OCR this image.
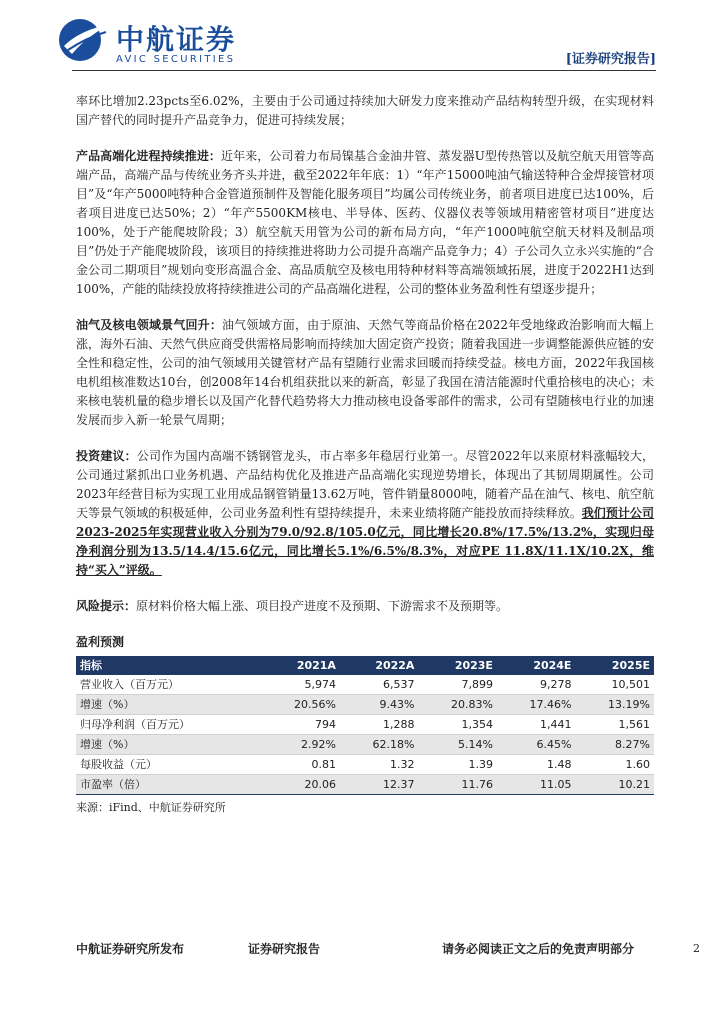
中航证券
AVIC SECURITIES	[证券研究报告]

率环比增加2.23pcts至6.02%，主要由于公司通过持续加大研发力度来推动产品结构转型升级，在实现材料国产替代的同时提升产品竞争力，促进可持续发展；

产品高端化进程持续推进：近年来，公司着力布局镍基合金油井管、蒸发器U型传热管以及航空航天用管等高端产品，高端产品与传统业务齐头并进，截至2022年年底：1）“年产15000吨油气输送特种合金焊接管材项目”及“年产5000吨特种合金管道预制件及智能化服务项目”均属公司传统业务，前者项目进度已达100%，后者项目进度已达50%；2）“年产5500KM核电、半导体、医药、仪器仪表等领域用精密管材项目”进度达100%，处于产能爬坡阶段；3）航空航天用管为公司的新布局方向，“年产1000吨航空航天材料及制品项目”仍处于产能爬坡阶段，该项目的持续推进将助力公司提升高端产品竞争力；4）子公司久立永兴实施的“合金公司二期项目”规划向变形高温合金、高品质航空及核电用特种材料等高端领域拓展，进度于2022H1达到100%，产能的陆续投放将持续推进公司的产品高端化进程，公司的整体业务盈利性有望逐步提升；

油气及核电领域景气回升：油气领域方面，由于原油、天然气等商品价格在2022年受地缘政治影响而大幅上涨，海外石油、天然气供应商受供需格局影响而持续加大固定资产投资；随着我国进一步调整能源供应链的安全性和稳定性，公司的油气领域用关键管材产品有望随行业需求回暖而持续受益。核电方面，2022年我国核电机组核准数达10台，创2008年14台机组获批以来的新高，彰显了我国在清洁能源时代重拾核电的决心；未来核电装机量的稳步增长以及国产化替代趋势将大力推动核电设备零部件的需求，公司有望随核电行业的加速发展而步入新一轮景气周期；

投资建议：公司作为国内高端不锈钢管龙头，市占率多年稳居行业第一。尽管2022年以来原材料涨幅较大，公司通过紧抓出口业务机遇、产品结构优化及推进产品高端化实现逆势增长，体现出了其韧周期属性。公司2023年经营目标为实现工业用成品钢管销量13.62万吨，管件销量8000吨，随着产品在油气、核电、航空航天等景气领域的积极延伸，公司业务盈利性有望持续提升，未来业绩将随产能投放而持续释放。我们预计公司2023-2025年实现营业收入分别为79.0/92.8/105.0亿元，同比增长20.8%/17.5%/13.2%，实现归母净利润分别为13.5/14.4/15.6亿元，同比增长5.1%/6.5%/8.3%，对应PE 11.8X/11.1X/10.2X，维持“买入”评级。

风险提示：原材料价格大幅上涨、项目投产进度不及预期、下游需求不及预期等。

盈利预测

指标	2021A	2022A	2023E	2024E	2025E
营业收入（百万元）	5,974	6,537	7,899	9,278	10,501
增速（%）	20.56%	9.43%	20.83%	17.46%	13.19%
归母净利润（百万元）	794	1,288	1,354	1,441	1,561
增速（%）	2.92%	62.18%	5.14%	6.45%	8.27%
每股收益（元）	0.81	1.32	1.39	1.48	1.60
市盈率（倍）	20.06	12.37	11.76	11.05	10.21
来源：iFind、中航证券研究所
中航证券研究所发布	证券研究报告	请务必阅读正文之后的免责声明部分	2
